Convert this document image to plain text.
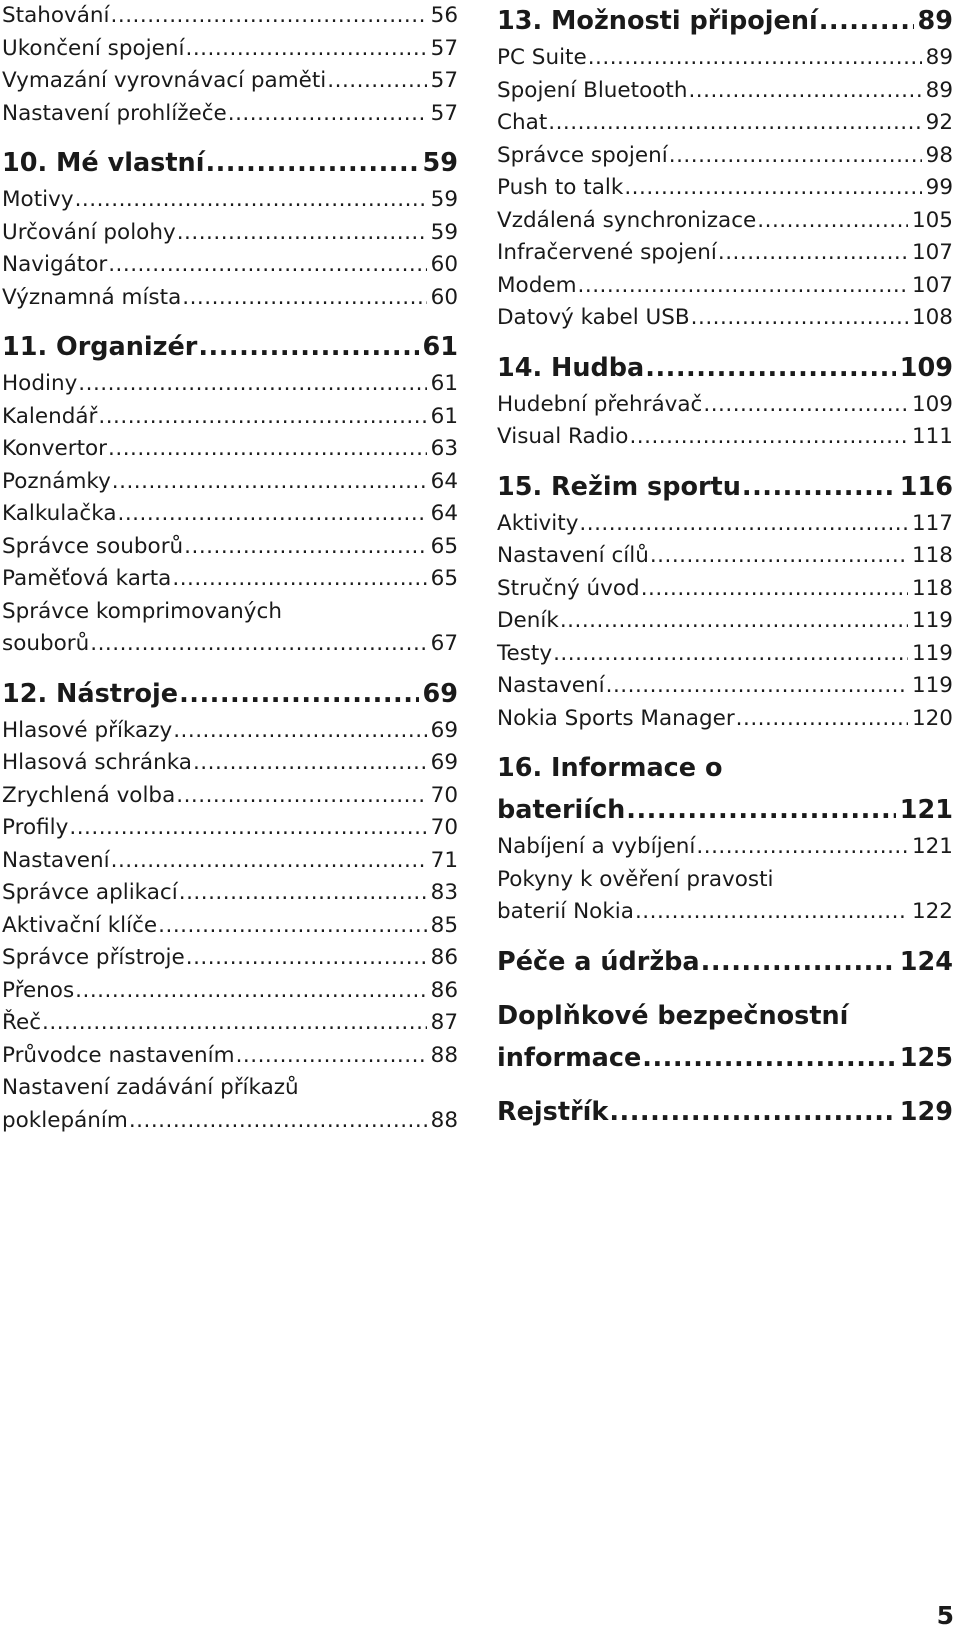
Stahování .....	56
Ukončení spojení .....	57
Vymazání vyrovnávací paměti .....	57
Nastavení prohlížeče .....	57
10. Mé vlastní .....	59
Motivy .....	59
Určování polohy .....	59
Navigátor .....	60
Významná místa .....	60
11. Organizér .....	61
Hodiny .....	61
Kalendář .....	61
Konvertor .....	63
Poznámky .....	64
Kalkulačka .....	64
Správce souborů .....	65
Paměťová karta .....	65
Správce komprimovaných
souborů .....	67
12. Nástroje .....	69
Hlasové příkazy .....	69
Hlasová schránka .....	69
Zrychlená volba .....	70
Profily .....	70
Nastavení .....	71
Správce aplikací .....	83
Aktivační klíče .....	85
Správce přístroje .....	86
Přenos .....	86
Řeč .....	87
Průvodce nastavením .....	88
Nastavení zadávání příkazů
poklepáním .....	88
13. Možnosti připojení .....	89
PC Suite .....	89
Spojení Bluetooth .....	89
Chat .....	92
Správce spojení .....	98
Push to talk .....	99
Vzdálená synchronizace .....	105
Infračervené spojení .....	107
Modem .....	107
Datový kabel USB .....	108
14. Hudba .....	109
Hudební přehrávač .....	109
Visual Radio .....	111
15. Režim sportu .....	116
Aktivity .....	117
Nastavení cílů .....	118
Stručný úvod .....	118
Deník .....	119
Testy .....	119
Nastavení .....	119
Nokia Sports Manager .....	120
16. Informace o
bateriích .....	121
Nabíjení a vybíjení .....	121
Pokyny k ověření pravosti
baterií Nokia .....	122
Péče a údržba .....	124
Doplňkové bezpečnostní
informace .....	125
Rejstřík .....	129
5
